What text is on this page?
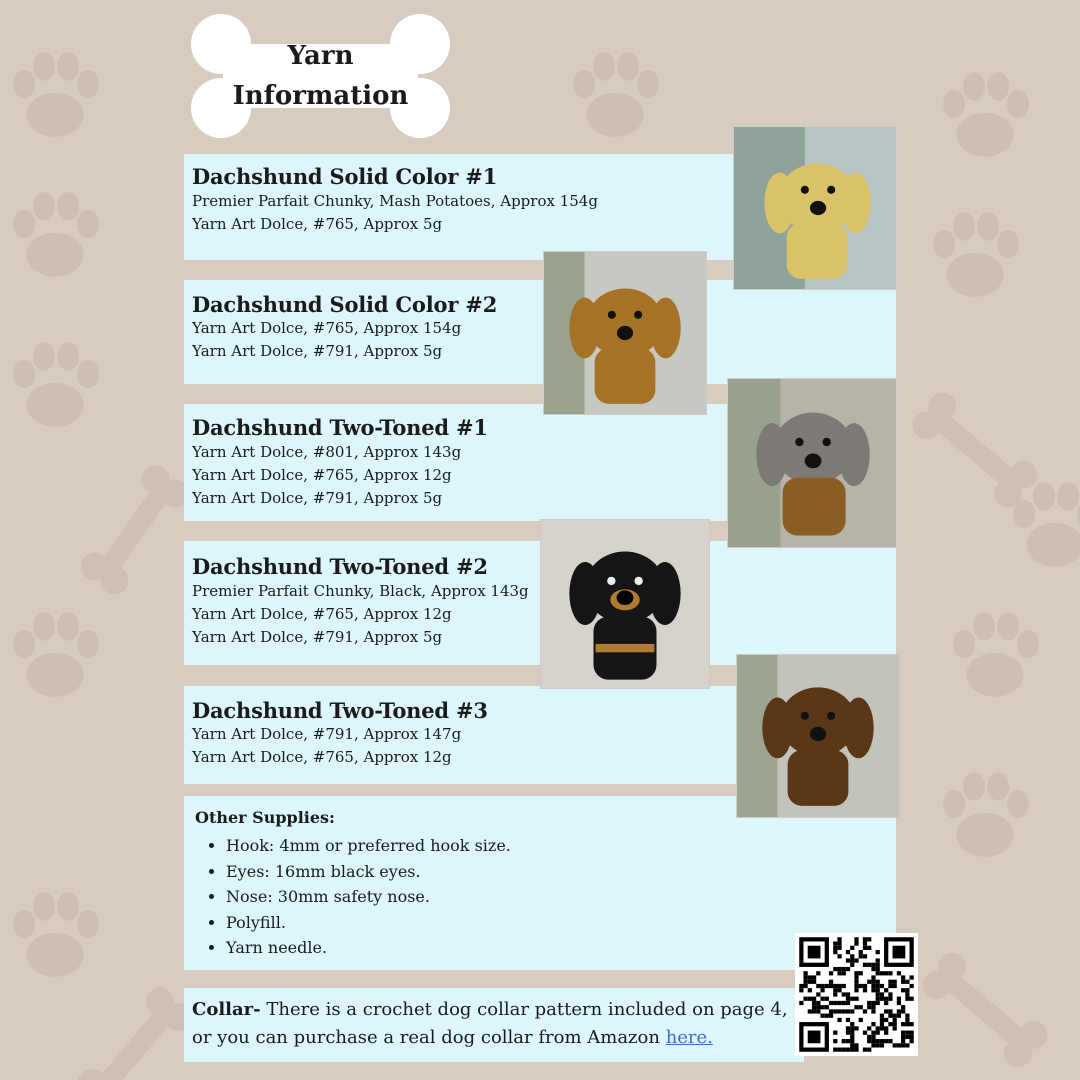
Yarn
Information
Dachshund Solid Color #1
Premier Parfait Chunky, Mash Potatoes, Approx 154g
Yarn Art Dolce, #765, Approx 5g
Dachshund Solid Color #2
Yarn Art Dolce, #765, Approx 154g
Yarn Art Dolce, #791, Approx 5g
Dachshund Two-Toned #1
Yarn Art Dolce, #801, Approx 143g
Yarn Art Dolce, #765, Approx 12g
Yarn Art Dolce, #791, Approx 5g
Dachshund Two-Toned #2
Premier Parfait Chunky, Black, Approx 143g
Yarn Art Dolce, #765, Approx 12g
Yarn Art Dolce, #791, Approx 5g
Dachshund Two-Toned #3
Yarn Art Dolce, #791, Approx 147g
Yarn Art Dolce, #765, Approx 12g
Other Supplies:
• Hook: 4mm or preferred hook size.
• Eyes: 16mm black eyes.
• Nose: 30mm safety nose.
• Polyfill.
• Yarn needle.
Collar- There is a crochet dog collar pattern included on page 4, or you can purchase a real dog collar from Amazon here.
